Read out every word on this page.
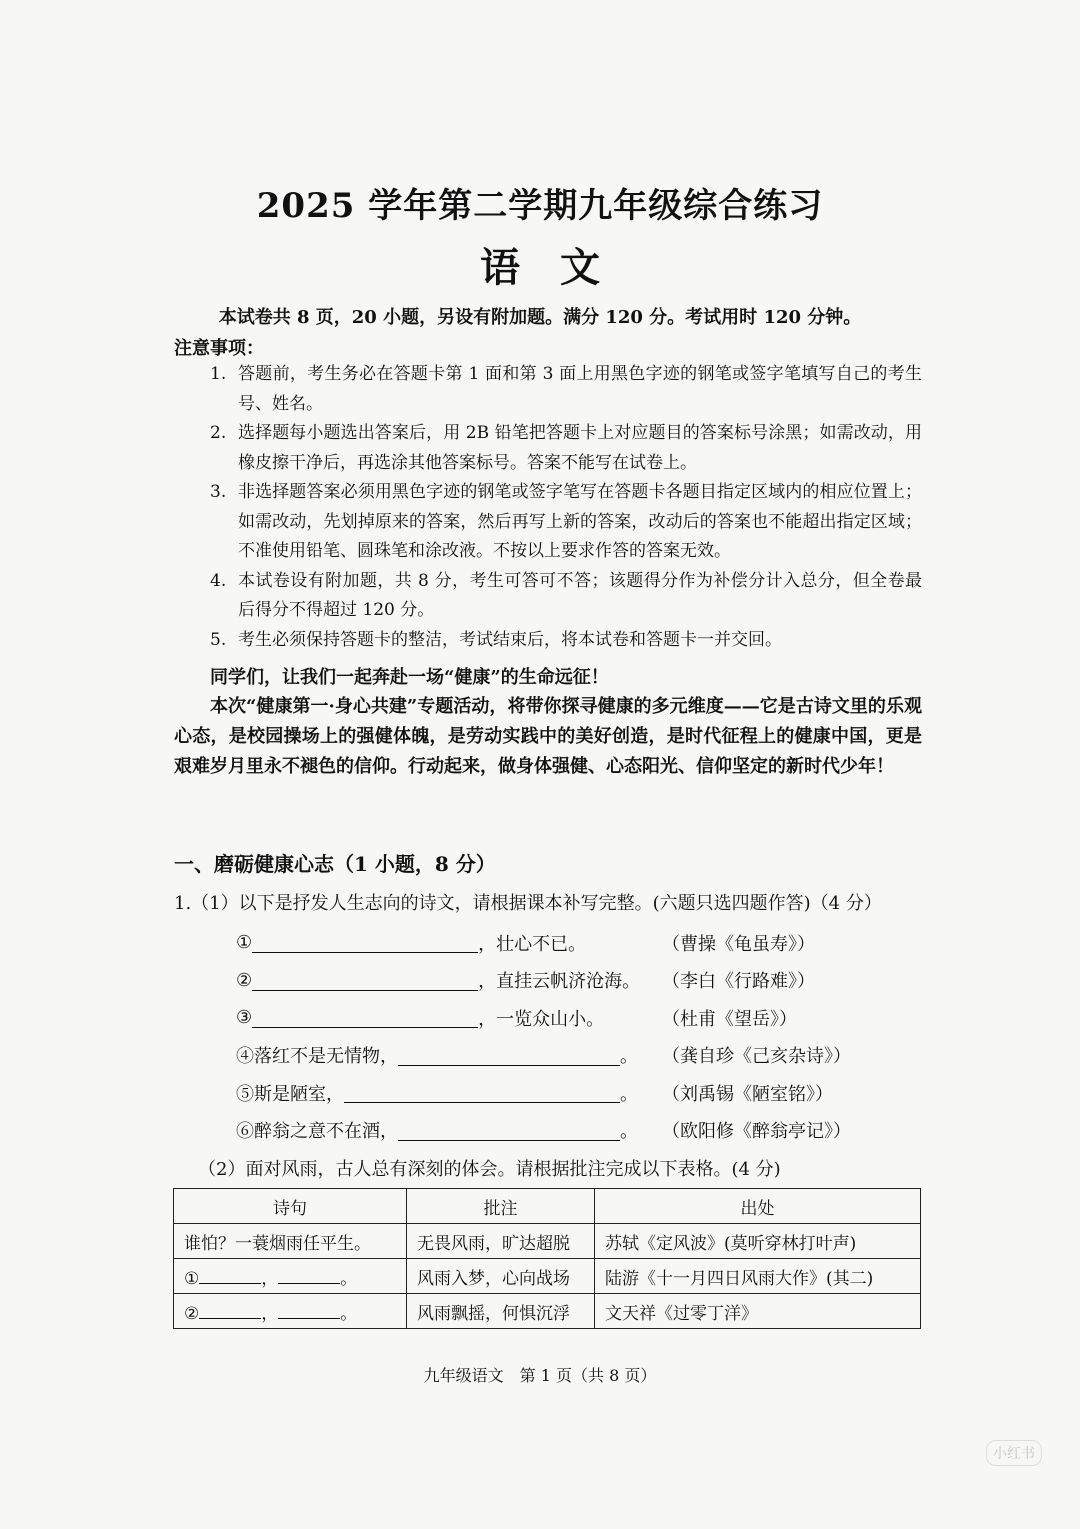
2025 学年第二学期九年级综合练习
语文
本试卷共 8 页，20 小题，另设有附加题。满分 120 分。考试用时 120 分钟。
注意事项：
1. 答题前，考生务必在答题卡第 1 面和第 3 面上用黑色字迹的钢笔或签字笔填写自己的考生号、姓名。
2. 选择题每小题选出答案后，用 2B 铅笔把答题卡上对应题目的答案标号涂黑；如需改动，用橡皮擦干净后，再选涂其他答案标号。答案不能写在试卷上。
3. 非选择题答案必须用黑色字迹的钢笔或签字笔写在答题卡各题目指定区域内的相应位置上；如需改动，先划掉原来的答案，然后再写上新的答案，改动后的答案也不能超出指定区域；不准使用铅笔、圆珠笔和涂改液。不按以上要求作答的答案无效。
4. 本试卷设有附加题，共 8 分，考生可答可不答；该题得分作为补偿分计入总分，但全卷最后得分不得超过 120 分。
5. 考生必须保持答题卡的整洁，考试结束后，将本试卷和答题卡一并交回。
同学们，让我们一起奔赴一场“健康”的生命远征！
本次“健康第一·身心共建”专题活动，将带你探寻健康的多元维度——它是古诗文里的乐观心态，是校园操场上的强健体魄，是劳动实践中的美好创造，是时代征程上的健康中国，更是艰难岁月里永不褪色的信仰。行动起来，做身体强健、心态阳光、信仰坚定的新时代少年！
一、磨砺健康心志（1 小题，8 分）
1.（1）以下是抒发人生志向的诗文，请根据课本补写完整。(六题只选四题作答)（4 分）
①	，壮心不已。	（曹操《龟虽寿》）
②	，直挂云帆济沧海。 （李白《行路难》）
③	，一览众山小。	（杜甫《望岳》）
④落红不是无情物，	。 （龚自珍《己亥杂诗》）
⑤斯是陋室，	。 （刘禹锡《陋室铭》）
⑥醉翁之意不在酒，	。 （欧阳修《醉翁亭记》）
（2）面对风雨，古人总有深刻的体会。请根据批注完成以下表格。(4 分)
诗句	批注	出处
谁怕？一蓑烟雨任平生。	无畏风雨，旷达超脱	苏轼《定风波》(莫听穿林打叶声)
① ， 。	风雨入梦，心向战场	陆游《十一月四日风雨大作》(其二)
② ， 。	风雨飘摇，何惧沉浮	文天祥《过零丁洋》
九年级语文　第 1 页（共 8 页）
小红书
